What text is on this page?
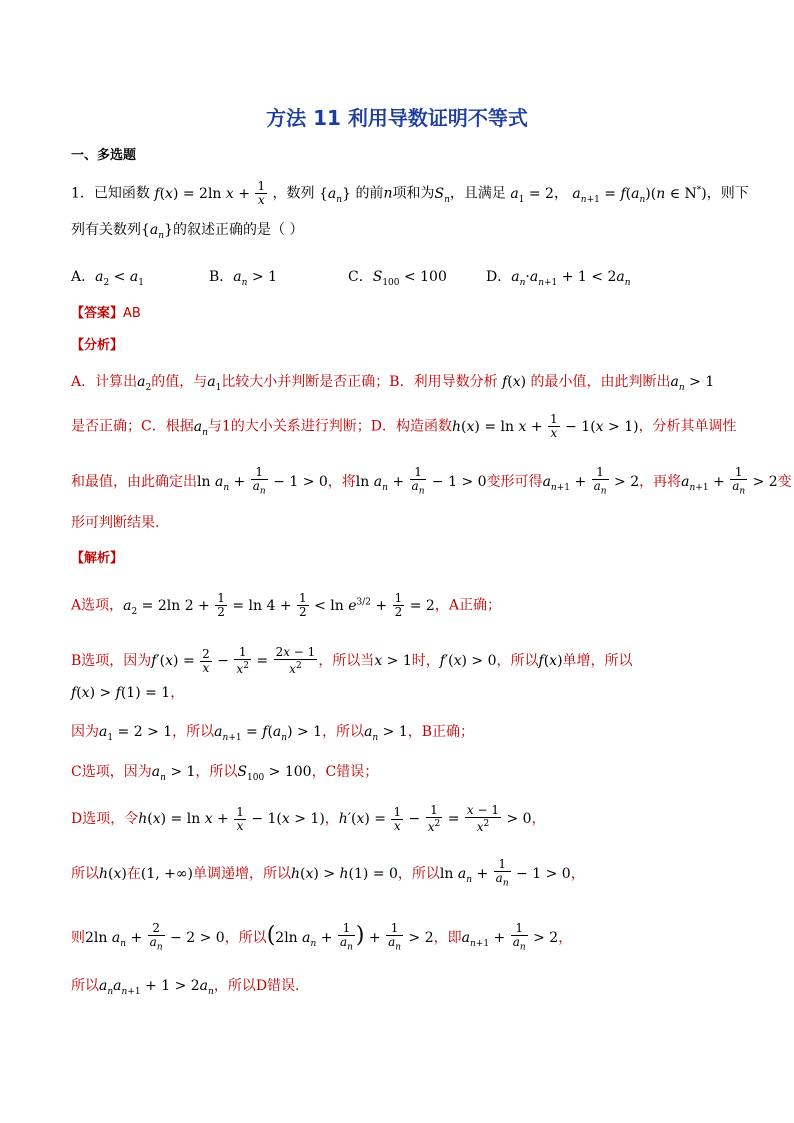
方法 11 利用导数证明不等式
一、多选题
1．已知函数 f(x) = 2ln $x + \frac{1}{x}$ ，数列 $\{a_n\}$ 的前n项和为$S_n$，且满足 $a_1 = 2$， $a_{n+1} = f(a_n)(n$ ∈ N*)，则下
列有关数列$\{a_n\}$的叙述正确的是（ ）
A．$a_2 < a_1$	B．$a_n > 1$	C．$S_{100} < 100$	D．$a_n\cdot a_{n+1} + 1 < 2a_n$
【答案】AB
【分析】
A．计算出$a_2$的值，与$a_1$比较大小并判断是否正确；B．利用导数分析 f(x) 的最小值，由此判断出$a_n > 1$
是否正确；C．根据$a_n$与1的大小关系进行判断；D．构造函数$h(x) = \ln x + \frac{1}{x} - 1(x > 1)$，分析其单调性
和最值，由此确定出$\ln a_n + \frac{1}{a_n} - 1 > 0$，将$\ln a_n + \frac{1}{a_n} - 1 > 0$变形可得$a_{n+1} + \frac{1}{a_n} > 2$，再将$a_{n+1} + \frac{1}{a_n} > 2$变
形可判断结果.
【解析】
A选项，$a_2 = 2\ln$ $2 + \frac{1}{2} = \ln 4 + \frac{1}{2} < \ln e^{3/2} + \frac{1}{2} = 2$，A正确；
B选项，因为$f'(x) = \frac{2}{x} - \frac{1}{x^2} = \frac{2x - 1}{x^2}$ ，所以当x > 1时，f′(x) > 0，所以f(x)单增，所以
f(x) > f(1) = 1，
因为$a_1 = 2 > 1$，所以$a_{n+1} = f(a_n) > 1$，所以$a_n > 1$，B正确；
C选项，因为$a_n > 1$，所以$S_{100} > 100$，C错误；
D选项，令$h(x) = \ln x + \frac{1}{x} - 1(x > 1)$，$h'(x) = \frac{1}{x} - \frac{1}{x^2} = \frac{x - 1}{x^2} > 0$，
所以h(x)在(1, +∞)单调递增，所以h(x) > h(1) = 0，所以$\ln a_n + \frac{1}{a_n} - 1 > 0$，
则2ln $a_n + \frac{2}{a_n} - 2 > 0$，所以(2ln $a_n + \frac{1}{a_n}$ ) + $\frac{1}{a_n} > 2$，即$a_{n+1} + \frac{1}{a_n} > 2$，
所以$a_na_{n+1} + 1 > 2a_n$，所以D错误.
